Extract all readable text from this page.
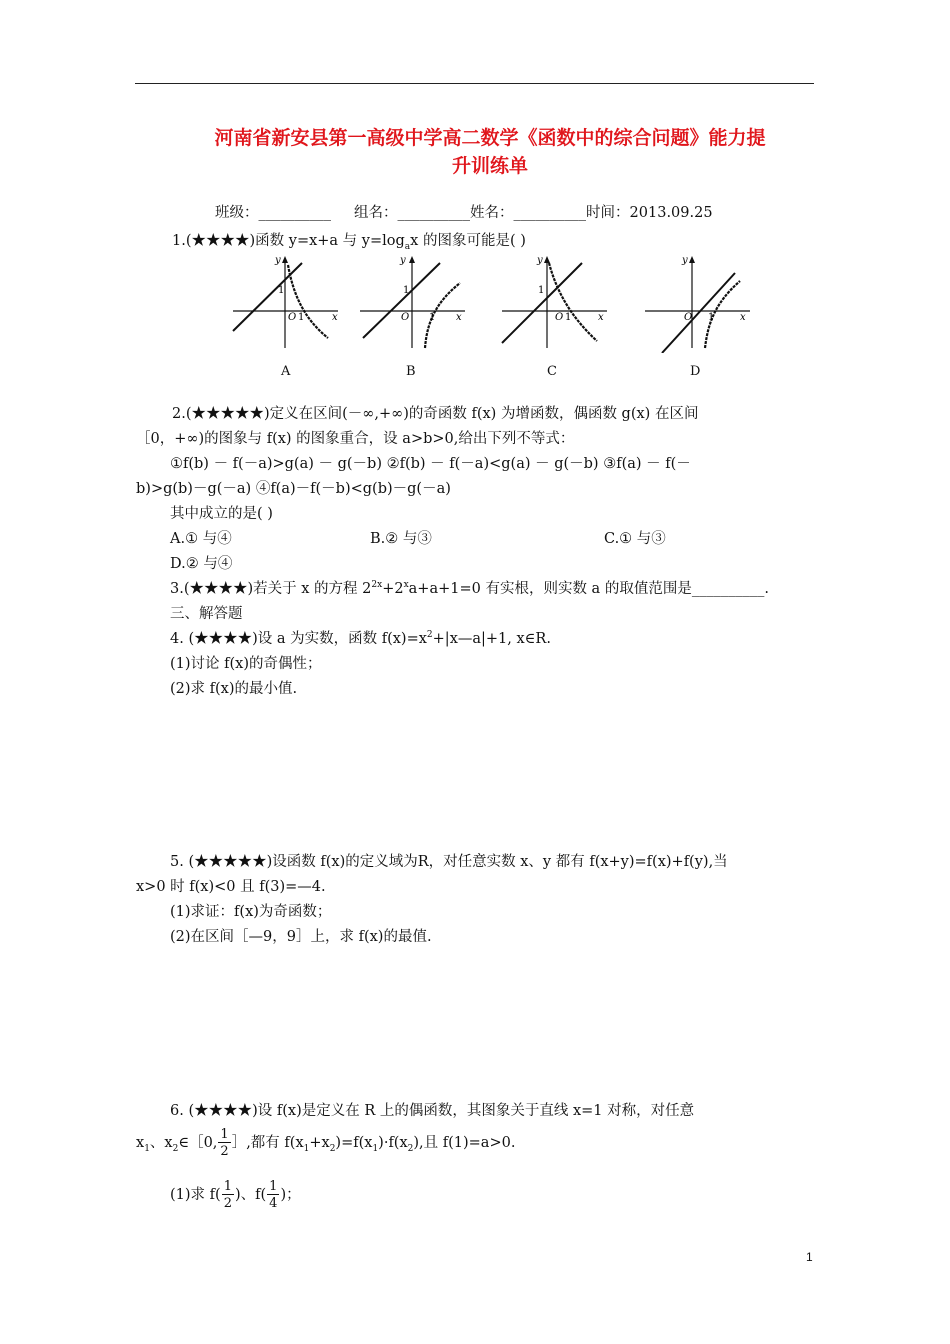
河南省新安县第一高级中学高二数学《函数中的综合问题》能力提
升训练单
班级：__________ 组名：__________姓名：__________时间：2013.09.25
1.(★★★★)函数 y=x+a 与 $y=\log_ax$ 的图象可能是( )
y
1
O 1	x
y
1
O 1 x
y
1
O 1	x
y
O 1	x
A	B	C	D
2.(★★★★★)定义在区间(－∞,+∞)的奇函数 f(x) 为增函数，偶函数 g(x) 在区间
［0，+∞)的图象与 f(x) 的图象重合，设 a>b>0,给出下列不等式：
①f(b) － f(－a)>g(a) － g(－b) ②f(b) － f(－a)<g(a) － g(－b) ③f(a) － f(－
b)>g(b)－g(－a) ④f(a)－f(－b)<g(b)－g(－a)
其中成立的是( )
A.① 与④	B.② 与③	C.① 与③
D.② 与④
3.(★★★★)若关于 x 的方程 $2^{2x}+2^xa+a+1=0$ 有实根，则实数 a 的取值范围是__________.
三、解答题
4. (★★★★)设 a 为实数，函数 $f(x)=x^2+|x—a|+1$, x∈R.
(1)讨论 f(x)的奇偶性；
(2)求 f(x)的最小值.
5. (★★★★★)设函数 f(x)的定义域为R，对任意实数 x、y 都有 f(x+y)=f(x)+f(y),当
x>0 时 f(x)<0 且 f(3)=—4.
(1)求证：f(x)为奇函数；
(2)在区间［—9，9］上，求 f(x)的最值.
6. (★★★★)设 f(x)是定义在 R 上的偶函数，其图象关于直线 x=1 对称，对任意
$x_1$、$x_2\in[0$, $\frac{1}{2}$ ］,都有 $f(x_1+x_2)=f(x_1)\cdot f(x_2)$,且 f(1)=a>0.
(1)求 $f( \frac{1}{2}$ )、$f( \frac{1}{4}$ )；
1
